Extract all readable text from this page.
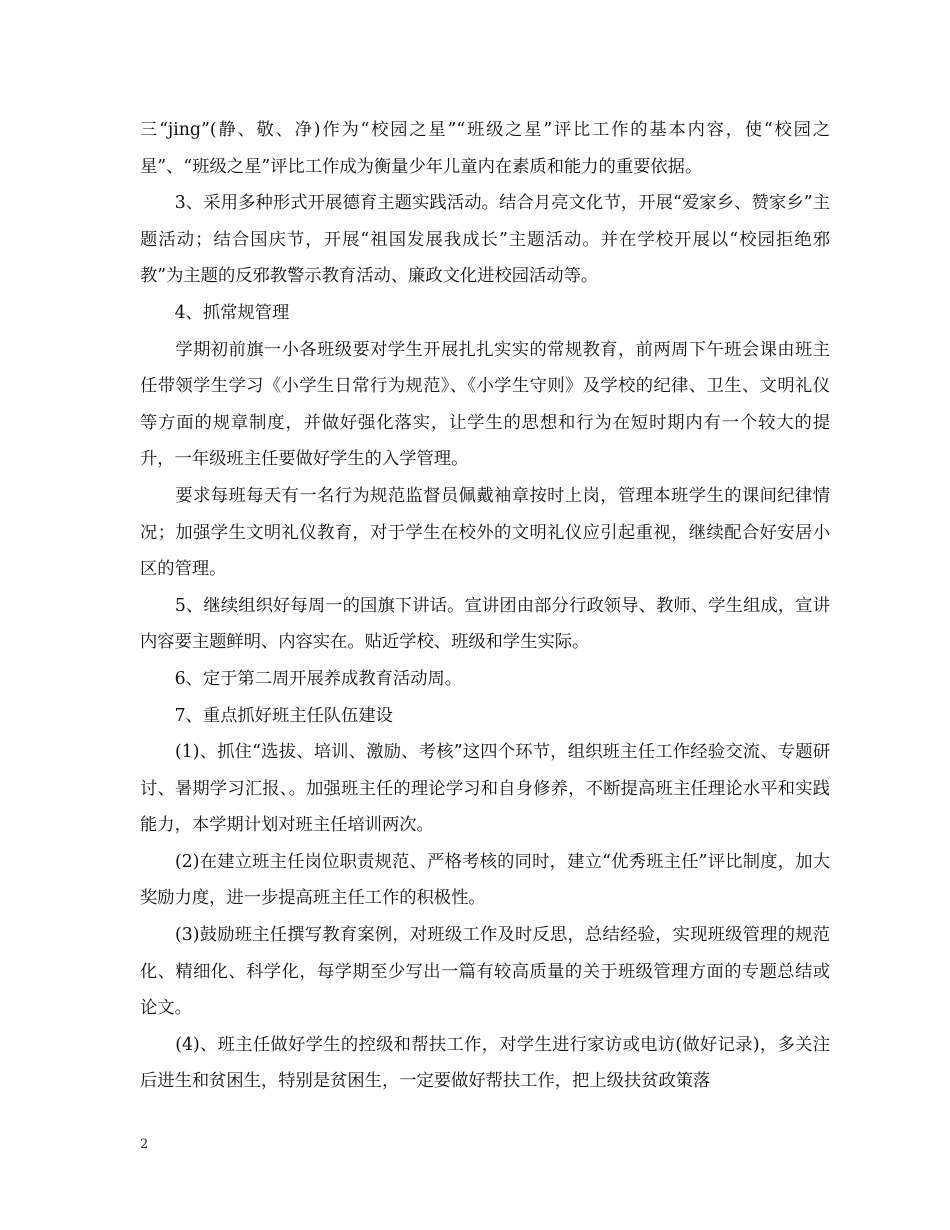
三“jing”(静、敬、净)作为“校园之星”“班级之星”评比工作的基本内容，使“校园之星”、“班级之星”评比工作成为衡量少年儿童内在素质和能力的重要依据。

　　3、采用多种形式开展德育主题实践活动。结合月亮文化节，开展“爱家乡、赞家乡”主题活动；结合国庆节，开展“祖国发展我成长”主题活动。并在学校开展以“校园拒绝邪教”为主题的反邪教警示教育活动、廉政文化进校园活动等。

　　4、抓常规管理

　　学期初前旗一小各班级要对学生开展扎扎实实的常规教育，前两周下午班会课由班主任带领学生学习《小学生日常行为规范》、《小学生守则》及学校的纪律、卫生、文明礼仪等方面的规章制度，并做好强化落实，让学生的思想和行为在短时期内有一个较大的提升，一年级班主任要做好学生的入学管理。

　　要求每班每天有一名行为规范监督员佩戴袖章按时上岗，管理本班学生的课间纪律情况；加强学生文明礼仪教育，对于学生在校外的文明礼仪应引起重视，继续配合好安居小区的管理。

　　5、继续组织好每周一的国旗下讲话。宣讲团由部分行政领导、教师、学生组成，宣讲内容要主题鲜明、内容实在。贴近学校、班级和学生实际。

　　6、定于第二周开展养成教育活动周。

　　7、重点抓好班主任队伍建设

　　(1)、抓住“选拔、培训、激励、考核”这四个环节，组织班主任工作经验交流、专题研讨、暑期学习汇报、。加强班主任的理论学习和自身修养，不断提高班主任理论水平和实践能力，本学期计划对班主任培训两次。

　　(2)在建立班主任岗位职责规范、严格考核的同时，建立“优秀班主任”评比制度，加大奖励力度，进一步提高班主任工作的积极性。

　　(3)鼓励班主任撰写教育案例，对班级工作及时反思，总结经验，实现班级管理的规范化、精细化、科学化，每学期至少写出一篇有较高质量的关于班级管理方面的专题总结或论文。

　　(4)、班主任做好学生的控级和帮扶工作，对学生进行家访或电访(做好记录)，多关注后进生和贫困生，特别是贫困生，一定要做好帮扶工作，把上级扶贫政策落

2
